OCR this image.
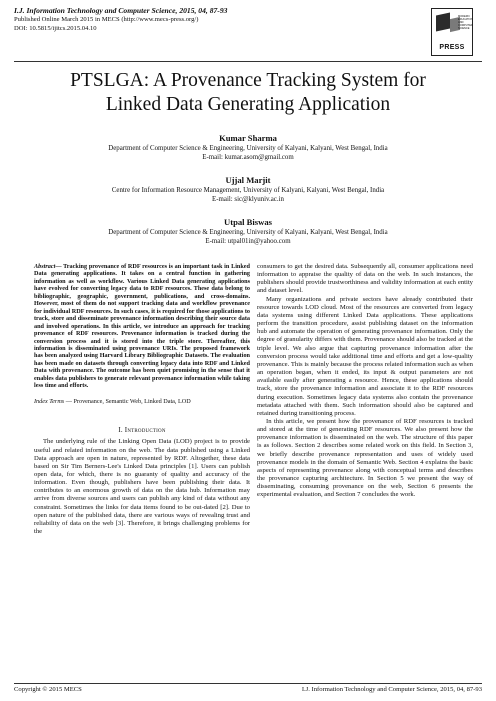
I.J. Information Technology and Computer Science, 2015, 04, 87-93
Published Online March 2015 in MECS (http://www.mecs-press.org/)
DOI: 10.5815/ijitcs.2015.04.10
MODERN EDUCATION AND COMPUTER SCIENCE
PRESS
PTSLGA: A Provenance Tracking System for
Linked Data Generating Application
Kumar Sharma
Department of Computer Science & Engineering, University of Kalyani, Kalyani, West Bengal, India
E-mail: kumar.asom@gmail.com
Ujjal Marjit
Centre for Information Resource Management, University of Kalyani, Kalyani, West Bengal, India
E-mail: sic@klyuniv.ac.in
Utpal Biswas
Department of Computer Science & Engineering, University of Kalyani, Kalyani, West Bengal, India
E-mail: utpal01in@yahoo.com

Abstract— Tracking provenance of RDF resources is an important task in Linked Data generating applications. It takes on a central function in gathering information as well as workflow. Various Linked Data generating applications have evolved for converting legacy data to RDF resources. These data belong to bibliographic, geographic, government, publications, and cross-domains. However, most of them do not support tracking data and workflow provenance for individual RDF resources. In such cases, it is required for those applications to track, store and disseminate provenance information describing their source data and involved operations. In this article, we introduce an approach for tracking provenance of RDF resources. Provenance information is tracked during the conversion process and it is stored into the triple store. Thereafter, this information is disseminated using provenance URIs. The proposed framework has been analyzed using Harvard Library Bibliographic Datasets. The evaluation has been made on datasets through converting legacy data into RDF and Linked Data with provenance. The outcome has been quiet promising in the sense that it enables data publishers to generate relevant provenance information while taking less time and efforts.

Index Terms — Provenance, Semantic Web, Linked Data, LOD

I. Introduction

The underlying rule of the Linking Open Data (LOD) project is to provide useful and related information on the web. The data published using a Linked Data approach are open in nature, represented by RDF. Altogether, these data based on Sir Tim Berners-Lee's Linked Data principles [1]. Users can publish open data, for which, there is no guaranty of quality and accuracy of the information. Even though, publishers have been publishing their data. It contributes to an enormous growth of data on the data hub. Information may arrive from diverse sources and users can publish any kind of data without any constraint. Sometimes the links for data items found to be out-dated [2]. Due to open nature of the published data, there are various ways of revealing trust and reliability of data on the web [3]. Therefore, it brings challenging problems for the

consumers to get the desired data. Subsequently all, consumer applications need information to appraise the quality of data on the web. In such instances, the publishers should provide trustworthiness and validity information at each entity and dataset level.

Many organizations and private sectors have already contributed their resource towards LOD cloud. Most of the resources are converted from legacy data systems using different Linked Data applications. These applications perform the transition procedure, assist publishing dataset on the information hub and automate the operation of generating provenance information. Only the degree of granularity differs with them. Provenance should also be tracked at the triple level. We also argue that capturing provenance information after the conversion process would take additional time and efforts and get a low-quality provenance. This is mainly because the process related information such as when an operation began, when it ended, its input & output parameters are not available easily after generating a resource. Hence, these applications should track, store the provenance information and associate it to the RDF resources during execution. Sometimes legacy data systems also contain the provenance metadata attached with them. Such information should also be captured and retained during transitioning process.

In this article, we present how the provenance of RDF resources is tracked and stored at the time of generating RDF resources. We also present how the provenance information is disseminated on the web. The structure of this paper is as follows. Section 2 describes some related work on this field. In Section 3, we briefly describe provenance representation and uses of widely used provenance models in the domain of Semantic Web. Section 4 explains the basic aspects of representing provenance along with conceptual terms and describes the provenance capturing architecture. In Section 5 we present the way of disseminating, consuming provenance on the web, Section 6 presents the experimental evaluation, and Section 7 concludes the work.

Copyright © 2015 MECS	I.J. Information Technology and Computer Science, 2015, 04, 87-93
